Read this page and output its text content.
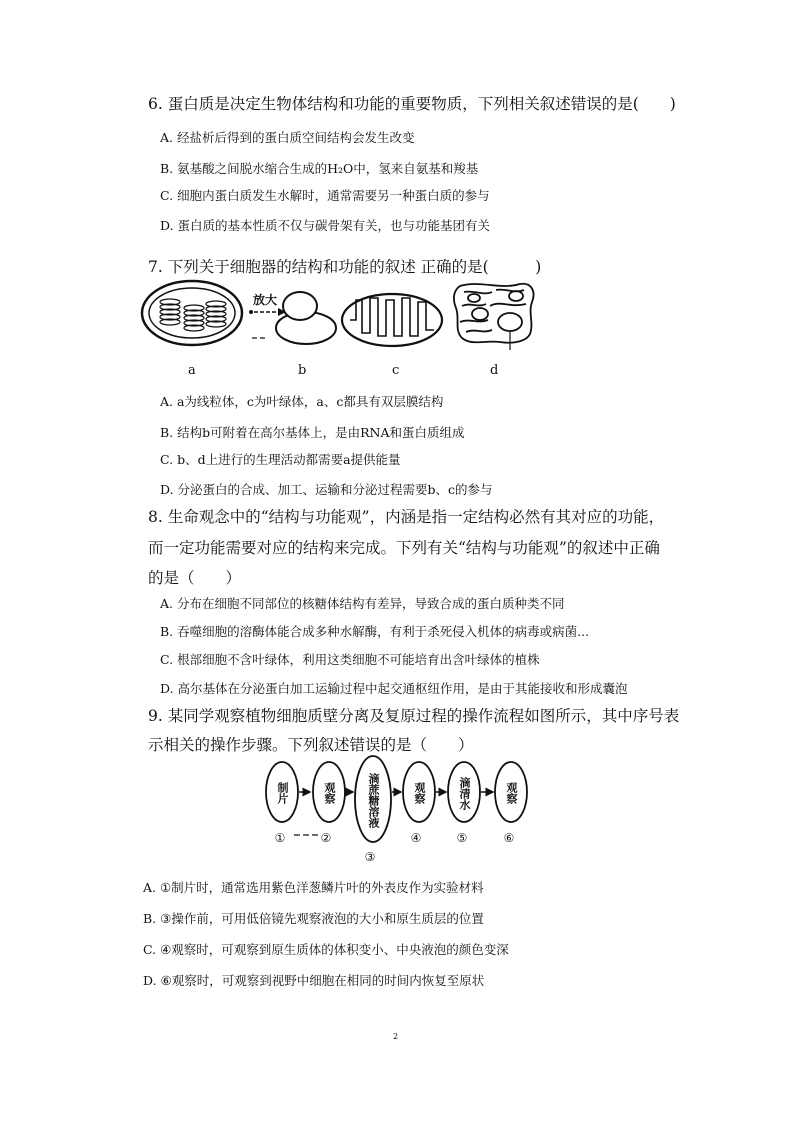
6. 蛋白质是决定生物体结构和功能的重要物质，下列相关叙述错误的是(　　)
A. 经盐析后得到的蛋白质空间结构会发生改变
B. 氨基酸之间脱水缩合生成的H₂O中，氢来自氨基和羧基
C. 细胞内蛋白质发生水解时，通常需要另一种蛋白质的参与
D. 蛋白质的基本性质不仅与碳骨架有关，也与功能基团有关
7. 下列关于细胞器的结构和功能的叙述 正确的是(　　　)
放大
a	b	c	d
A. a为线粒体，c为叶绿体，a、c都具有双层膜结构
B. 结构b可附着在高尔基体上，是由RNA和蛋白质组成
C. b、d上进行的生理活动都需要a提供能量
D. 分泌蛋白的合成、加工、运输和分泌过程需要b、c的参与
8. 生命观念中的“结构与功能观”，内涵是指一定结构必然有其对应的功能，
而一定功能需要对应的结构来完成。下列有关“结构与功能观”的叙述中正确
的是（　　）
A. 分布在细胞不同部位的核糖体结构有差异，导致合成的蛋白质种类不同
B. 吞噬细胞的溶酶体能合成多种水解酶，有利于杀死侵入机体的病毒或病菌...
C. 根部细胞不含叶绿体，利用这类细胞不可能培育出含叶绿体的植株
D. 高尔基体在分泌蛋白加工运输过程中起交通枢纽作用，是由于其能接收和形成囊泡
9. 某同学观察植物细胞质壁分离及复原过程的操作流程如图所示，其中序号表
示相关的操作步骤。下列叙述错误的是（　　）
制片	观察	滴蔗糖溶液	观察	滴清水	观察
①	②
③
④	⑤	⑥
A. ①制片时，通常选用紫色洋葱鳞片叶的外表皮作为实验材料
B. ③操作前，可用低倍镜先观察液泡的大小和原生质层的位置
C. ④观察时，可观察到原生质体的体积变小、中央液泡的颜色变深
D. ⑥观察时，可观察到视野中细胞在相同的时间内恢复至原状
2
